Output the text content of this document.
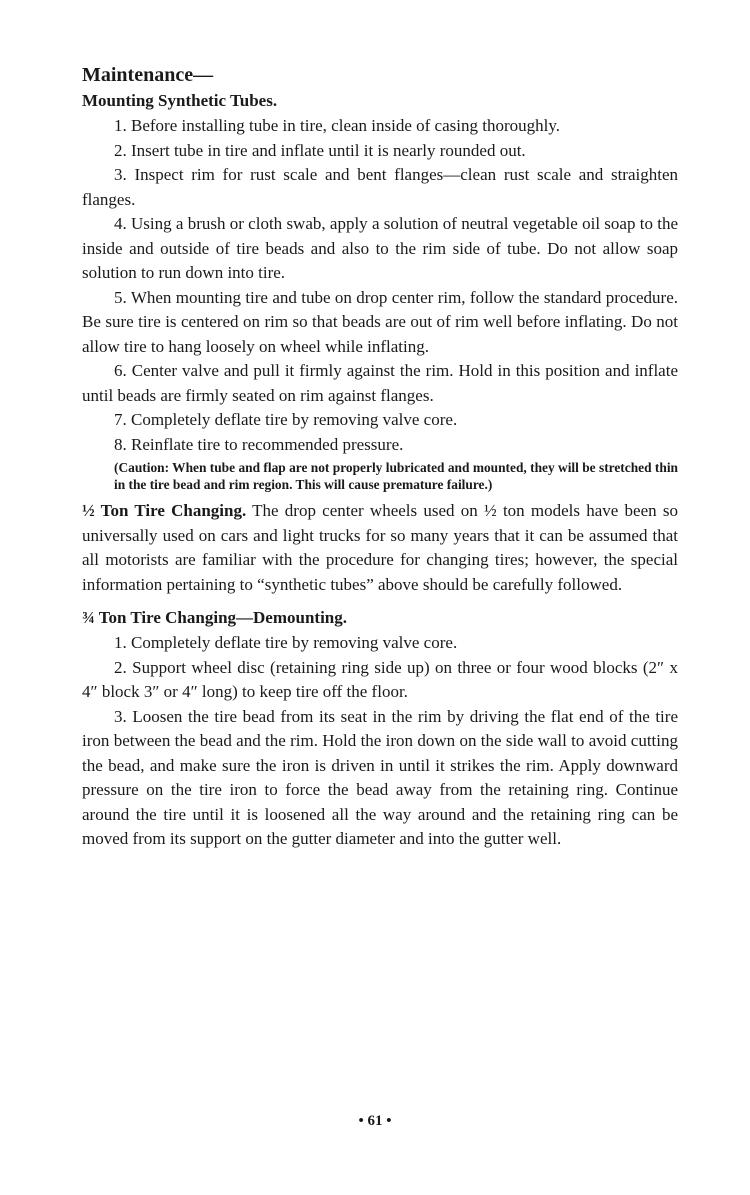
Maintenance—
Mounting Synthetic Tubes.

1. Before installing tube in tire, clean inside of casing thoroughly.

2. Insert tube in tire and inflate until it is nearly rounded out.

3. Inspect rim for rust scale and bent flanges—clean rust scale and straighten flanges.

4. Using a brush or cloth swab, apply a solution of neutral vegetable oil soap to the inside and outside of tire beads and also to the rim side of tube. Do not allow soap solution to run down into tire.

5. When mounting tire and tube on drop center rim, follow the standard procedure. Be sure tire is centered on rim so that beads are out of rim well before inflating. Do not allow tire to hang loosely on wheel while inflating.

6. Center valve and pull it firmly against the rim. Hold in this position and inflate until beads are firmly seated on rim against flanges.

7. Completely deflate tire by removing valve core.

8. Reinflate tire to recommended pressure.

(Caution: When tube and flap are not properly lubricated and mounted, they will be stretched thin in the tire bead and rim region. This will cause premature failure.)

½ Ton Tire Changing. The drop center wheels used on ½ ton models have been so universally used on cars and light trucks for so many years that it can be assumed that all motorists are familiar with the procedure for changing tires; however, the special information pertaining to “synthetic tubes” above should be carefully followed.

¾ Ton Tire Changing—Demounting.

1. Completely deflate tire by removing valve core.

2. Support wheel disc (retaining ring side up) on three or four wood blocks (2″ x 4″ block 3″ or 4″ long) to keep tire off the floor.

3. Loosen the tire bead from its seat in the rim by driving the flat end of the tire iron between the bead and the rim. Hold the iron down on the side wall to avoid cutting the bead, and make sure the iron is driven in until it strikes the rim. Apply downward pressure on the tire iron to force the bead away from the retaining ring. Continue around the tire until it is loosened all the way around and the retaining ring can be moved from its support on the gutter diameter and into the gutter well.

• 61 •
